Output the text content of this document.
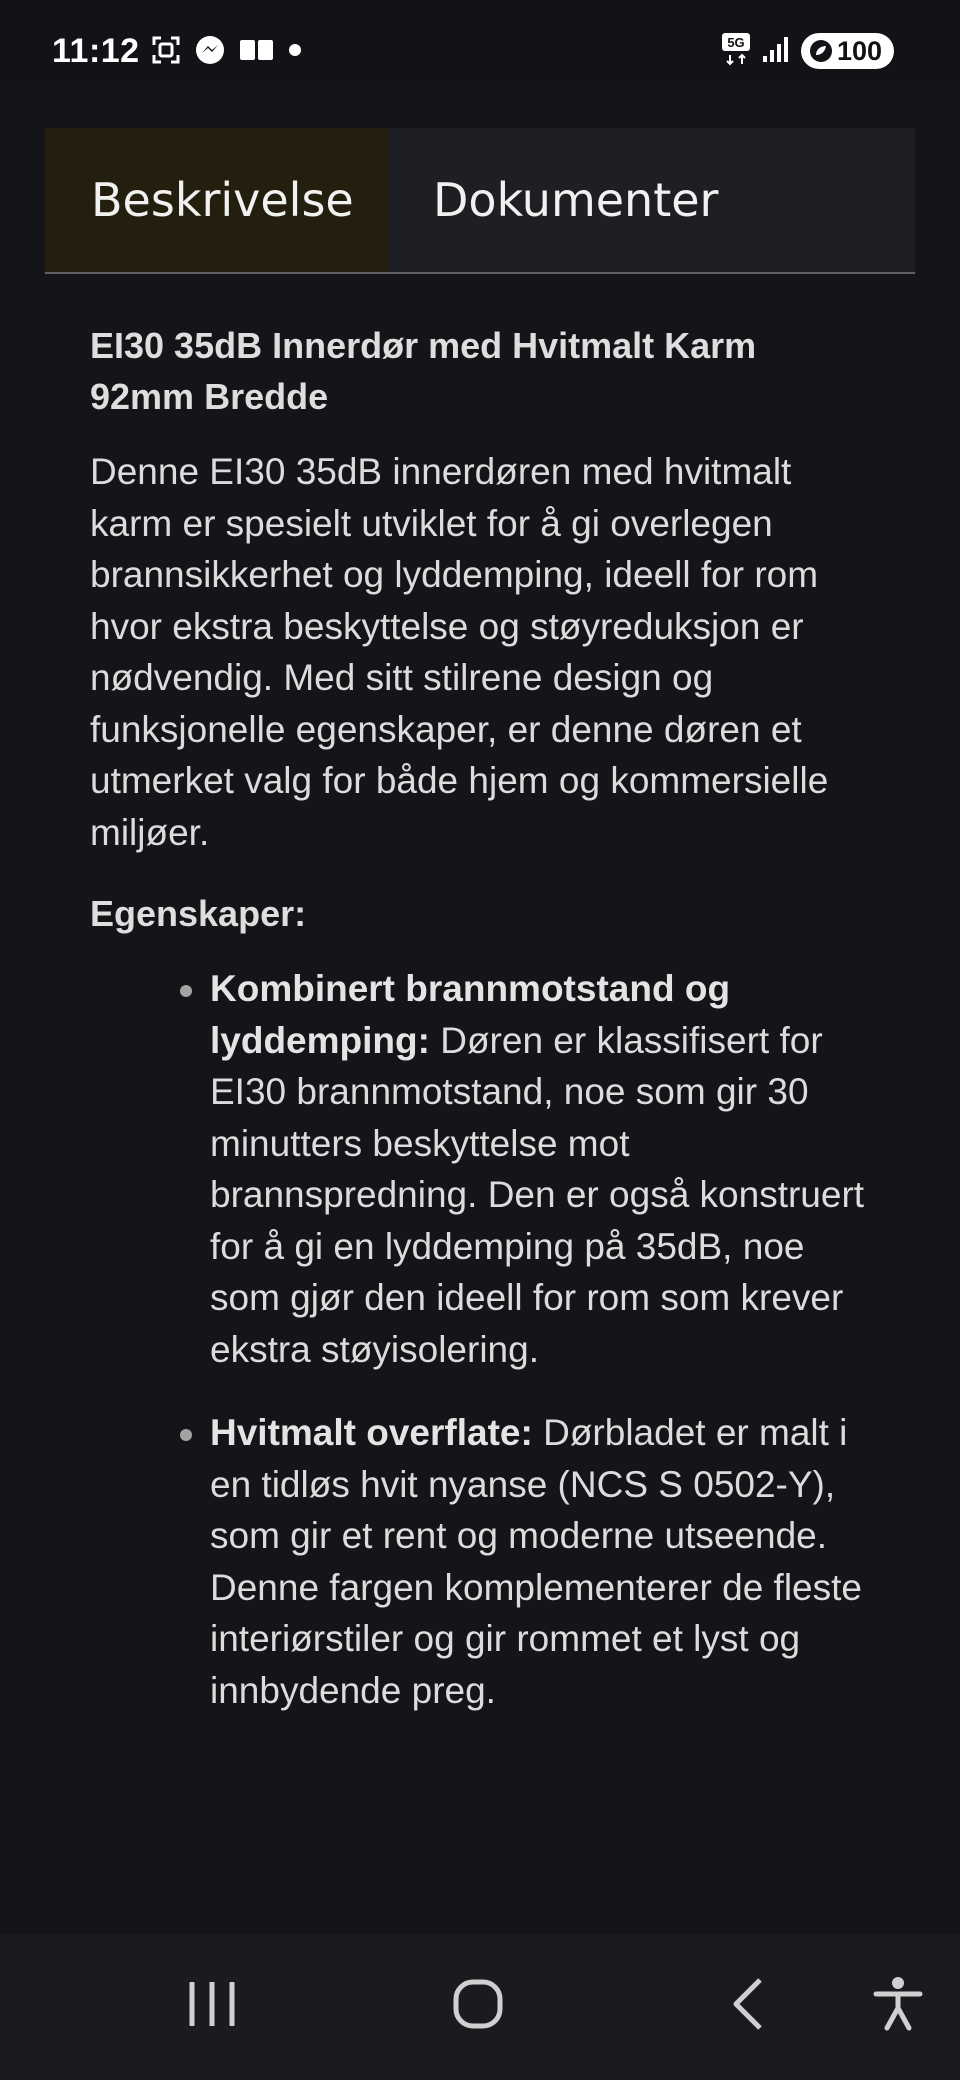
11:12	5G	100
Beskrivelse	Dokumenter
EI30 35dB Innerdør med Hvitmalt Karm 92mm Bredde

Denne EI30 35dB innerdøren med hvitmalt karm er spesielt utviklet for å gi overlegen brannsikkerhet og lyddemping, ideell for rom hvor ekstra beskyttelse og støyreduksjon er nødvendig. Med sitt stilrene design og funksjonelle egenskaper, er denne døren et utmerket valg for både hjem og kommersielle miljøer.

Egenskaper:
Kombinert brannmotstand og lyddemping: Døren er klassifisert for EI30 brannmotstand, noe som gir 30 minutters beskyttelse mot brannspredning. Den er også konstruert for å gi en lyddemping på 35dB, noe som gjør den ideell for rom som krever ekstra støyisolering.
Hvitmalt overflate: Dørbladet er malt i en tidløs hvit nyanse (NCS S 0502-Y), som gir et rent og moderne utseende. Denne fargen komplementerer de fleste interiørstiler og gir rommet et lyst og innbydende preg.
